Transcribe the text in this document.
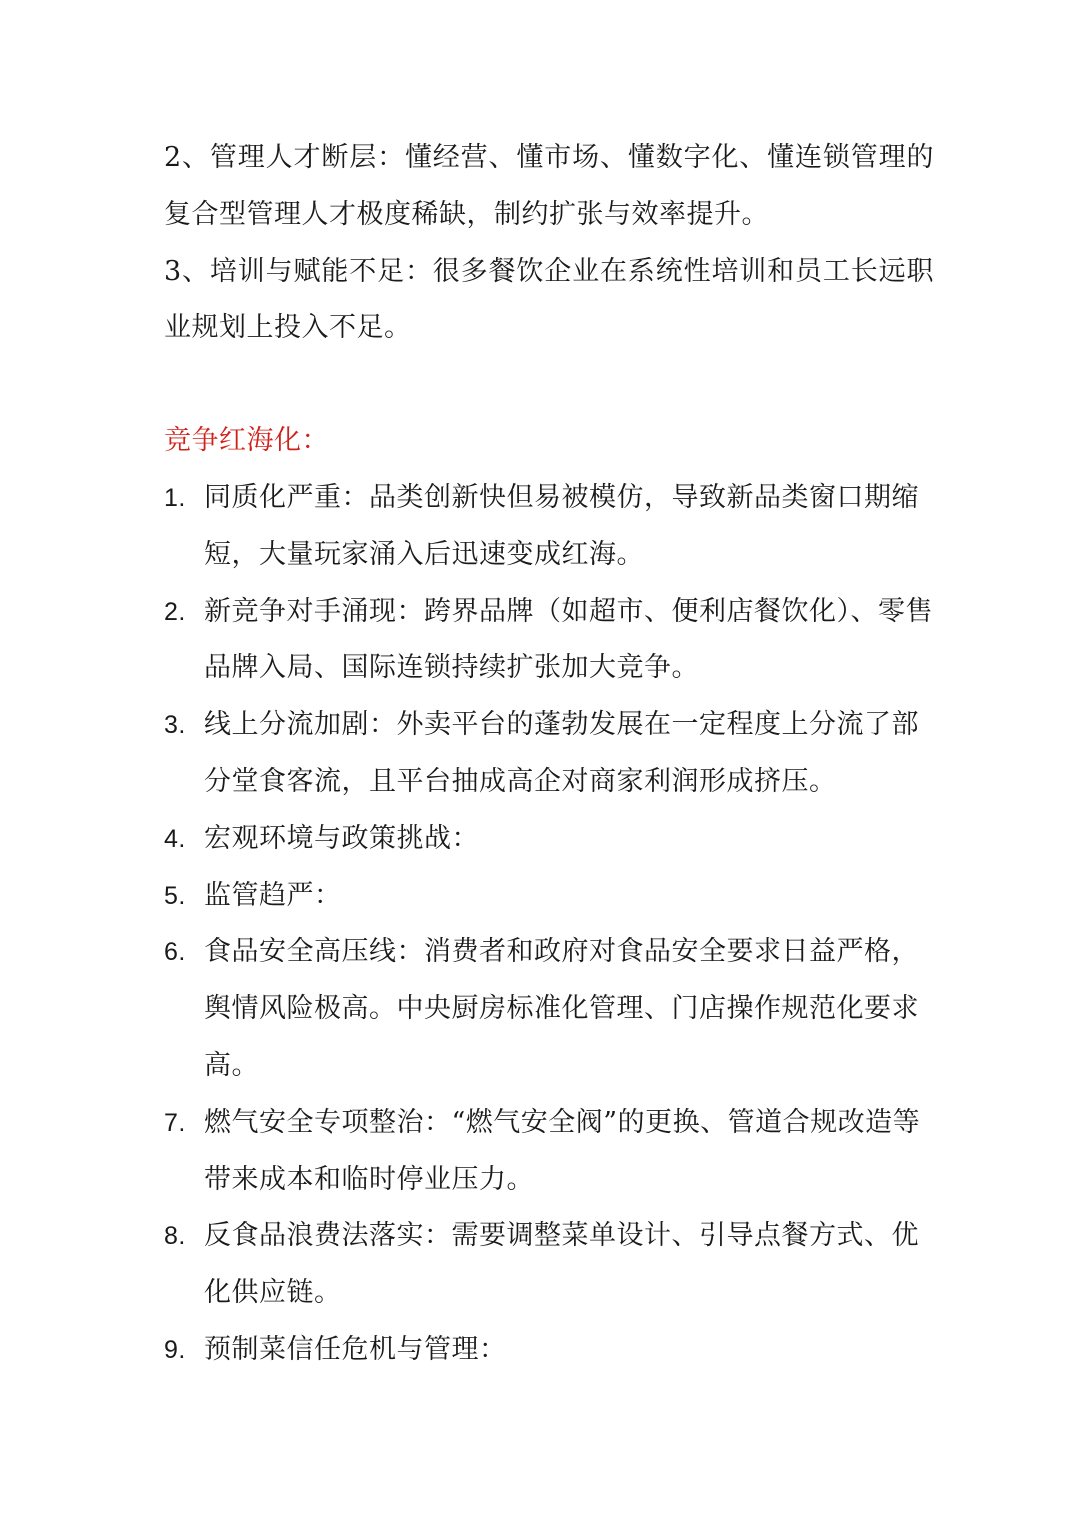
2、管理人才断层：懂经营、懂市场、懂数字化、懂连锁管理的复合型管理人才极度稀缺，制约扩张与效率提升。

3、培训与赋能不足：很多餐饮企业在系统性培训和员工长远职业规划上投入不足。

竞争红海化：

1. 同质化严重：品类创新快但易被模仿，导致新品类窗口期缩短，大量玩家涌入后迅速变成红海。
2. 新竞争对手涌现：跨界品牌（如超市、便利店餐饮化）、零售品牌入局、国际连锁持续扩张加大竞争。
3. 线上分流加剧：外卖平台的蓬勃发展在一定程度上分流了部分堂食客流，且平台抽成高企对商家利润形成挤压。
4. 宏观环境与政策挑战：
5. 监管趋严：
6. 食品安全高压线：消费者和政府对食品安全要求日益严格，舆情风险极高。中央厨房标准化管理、门店操作规范化要求高。
7. 燃气安全专项整治：“燃气安全阀”的更换、管道合规改造等带来成本和临时停业压力。
8. 反食品浪费法落实：需要调整菜单设计、引导点餐方式、优化供应链。
9. 预制菜信任危机与管理：
